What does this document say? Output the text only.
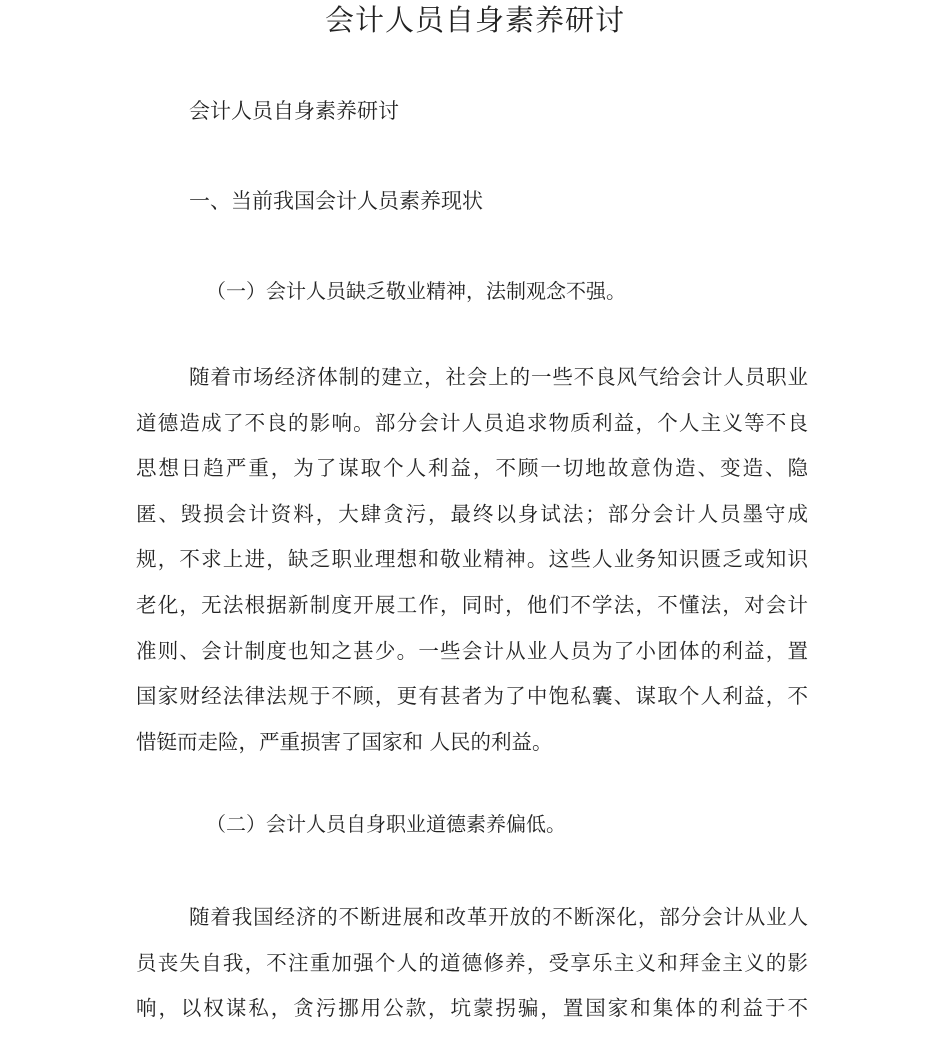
会计人员自身素养研讨
会计人员自身素养研讨
一、当前我国会计人员素养现状
（一）会计人员缺乏敬业精神，法制观念不强。
随着市场经济体制的建立，社会上的一些不良风气给会计人员职业
道德造成了不良的影响。部分会计人员追求物质利益，个人主义等不良
思想日趋严重，为了谋取个人利益，不顾一切地故意伪造、变造、隐
匿、毁损会计资料，大肆贪污，最终以身试法；部分会计人员墨守成
规，不求上进，缺乏职业理想和敬业精神。这些人业务知识匮乏或知识
老化，无法根据新制度开展工作，同时，他们不学法，不懂法，对会计
准则、会计制度也知之甚少。一些会计从业人员为了小团体的利益，置
国家财经法律法规于不顾，更有甚者为了中饱私囊、谋取个人利益，不
惜铤而走险，严重损害了国家和 人民的利益。
（二）会计人员自身职业道德素养偏低。
随着我国经济的不断进展和改革开放的不断深化，部分会计从业人
员丧失自我，不注重加强个人的道德修养，受享乐主义和拜金主义的影
响，以权谋私，贪污挪用公款，坑蒙拐骗，置国家和集体的利益于不
